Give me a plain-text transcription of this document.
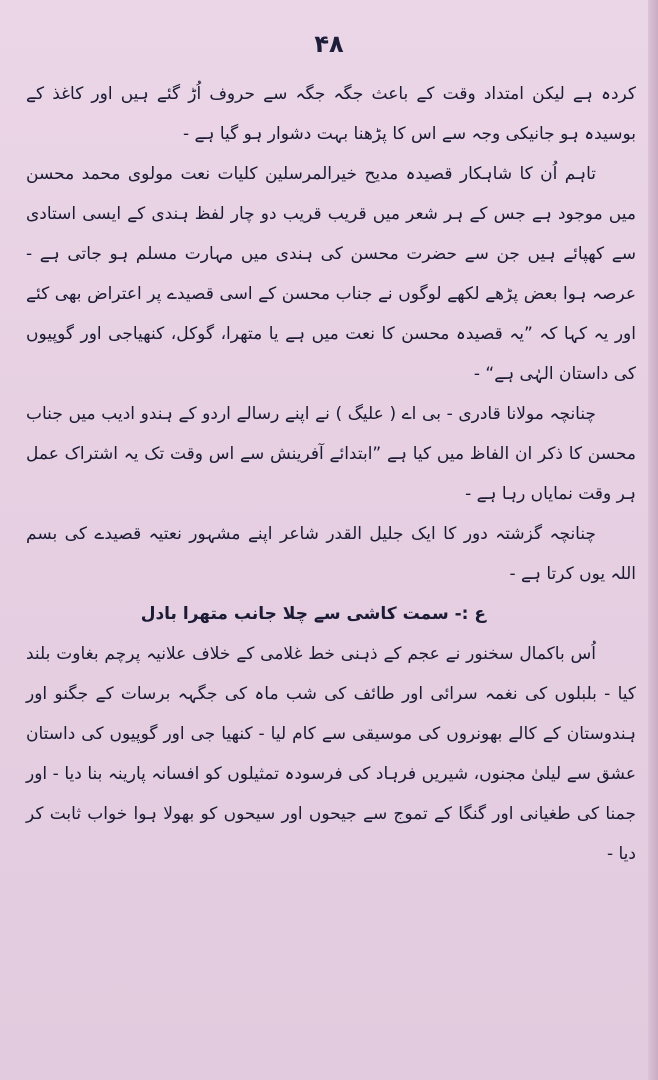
۴۸

کردہ ہے لیکن امتداد وقت کے باعث جگہ جگہ سے حروف اُڑ گئے ہیں اور کاغذ کے بوسیدہ ہو جانیکی وجہ سے اس کا پڑھنا بہت دشوار ہو گیا ہے -

تاہم اُن کا شاہکار قصیدہ مدیح خیرالمرسلین کلیات نعت مولوی محمد محسن میں موجود ہے جس کے ہر شعر میں قریب قریب دو چار لفظ ہندی کے ایسی استادی سے کھپائے ہیں جن سے حضرت محسن کی ہندی میں مہارت مسلم ہو جاتی ہے - عرصہ ہوا بعض پڑھے لکھے لوگوں نے جناب محسن کے اسی قصیدے پر اعتراض بھی کئے اور یہ کہا کہ ”یہ قصیدہ محسن کا نعت میں ہے یا متھرا، گوکل، کنھیاجی اور گوپیوں کی داستان الہٰی ہے“ -

چنانچہ مولانا قادری - بی اے ( علیگ ) نے اپنے رسالے اردو کے ہندو ادیب میں جناب محسن کا ذکر ان الفاظ میں کیا ہے ”ابتدائے آفرینش سے اس وقت تک یہ اشتراک عمل ہر وقت نمایاں رہا ہے -

چنانچہ گزشتہ دور کا ایک جلیل القدر شاعر اپنے مشہور نعتیہ قصیدے کی بسم اللہ یوں کرتا ہے -

ع :- سمت کاشی سے چلا جانب متھرا بادل

اُس باکمال سخنور نے عجم کے ذہنی خط غلامی کے خلاف علانیہ پرچم بغاوت بلند کیا - بلبلوں کی نغمہ سرائی اور طائف کی شب ماہ کی جگہہ برسات کے جگنو اور ہندوستان کے کالے بھونروں کی موسیقی سے کام لیا - کنھیا جی اور گوپیوں کی داستان عشق سے لیلیٰ مجنوں، شیریں فرہاد کی فرسودہ تمثیلوں کو افسانہ پارینہ بنا دیا - اور جمنا کی طغیانی اور گنگا کے تموج سے جیحوں اور سیحوں کو بھولا ہوا خواب ثابت کر دیا -
